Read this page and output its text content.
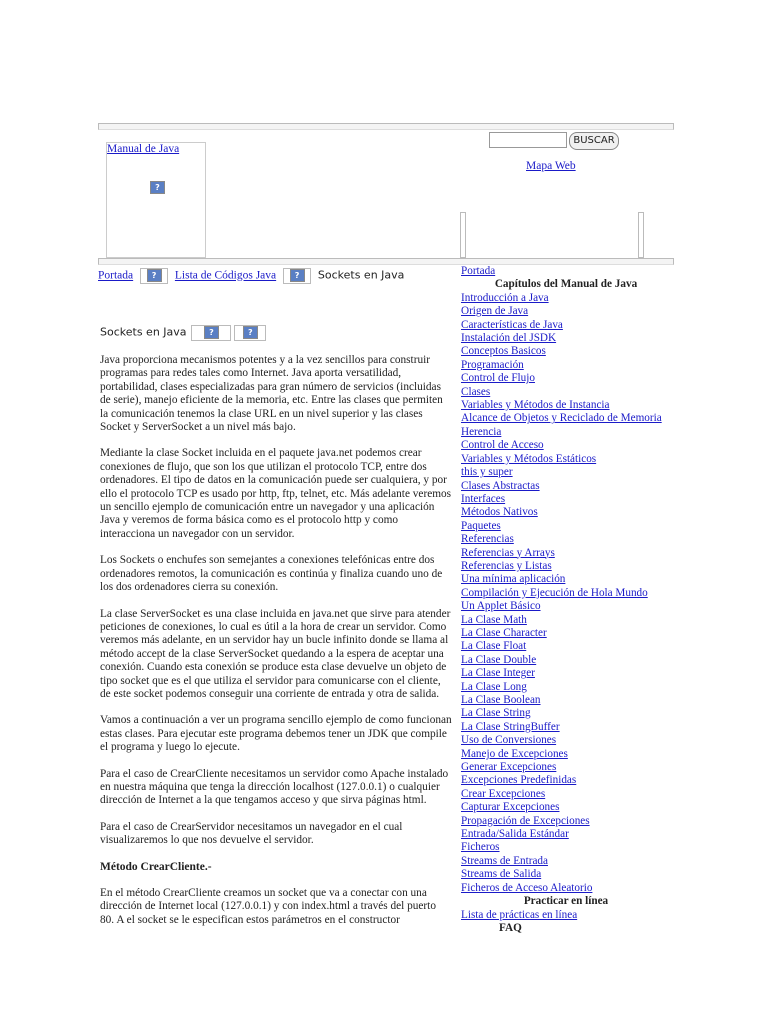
Manual de Java
?
BUSCAR
Mapa Web
Portada ? Lista de Códigos Java ? Sockets en Java
Sockets en Java	?	?

Java proporciona mecanismos potentes y a la vez sencillos para construir programas para redes tales como Internet. Java aporta versatilidad, portabilidad, clases especializadas para gran número de servicios (incluidas de serie), manejo eficiente de la memoria, etc. Entre las clases que permiten la comunicación tenemos la clase URL en un nivel superior y las clases Socket y ServerSocket a un nivel más bajo.

Mediante la clase Socket incluida en el paquete java.net podemos crear conexiones de flujo, que son los que utilizan el protocolo TCP, entre dos ordenadores. El tipo de datos en la comunicación puede ser cualquiera, y por ello el protocolo TCP es usado por http, ftp, telnet, etc. Más adelante veremos un sencillo ejemplo de comunicación entre un navegador y una aplicación Java y veremos de forma básica como es el protocolo http y como interacciona un navegador con un servidor.

Los Sockets o enchufes son semejantes a conexiones telefónicas entre dos ordenadores remotos, la comunicación es continúa y finaliza cuando uno de los dos ordenadores cierra su conexión.

La clase ServerSocket es una clase incluida en java.net que sirve para atender peticiones de conexiones, lo cual es útil a la hora de crear un servidor. Como veremos más adelante, en un servidor hay un bucle infinito donde se llama al método accept de la clase ServerSocket quedando a la espera de aceptar una conexión. Cuando esta conexión se produce esta clase devuelve un objeto de tipo socket que es el que utiliza el servidor para comunicarse con el cliente, de este socket podemos conseguir una corriente de entrada y otra de salida.

Vamos a continuación a ver un programa sencillo ejemplo de como funcionan estas clases. Para ejecutar este programa debemos tener un JDK que compile el programa y luego lo ejecute.

Para el caso de CrearCliente necesitamos un servidor como Apache instalado en nuestra máquina que tenga la dirección localhost (127.0.0.1) o cualquier dirección de Internet a la que tengamos acceso y que sirva páginas html.

Para el caso de CrearServidor necesitamos un navegador en el cual visualizaremos lo que nos devuelve el servidor.

Método CrearCliente.-

En el método CrearCliente creamos un socket que va a conectar con una dirección de Internet local (127.0.0.1) y con index.html a través del puerto 80. A el socket se le especifican estos parámetros en el constructor

Portada
Capítulos del Manual de Java
Introducción a Java
Origen de Java
Características de Java
Instalación del JSDK
Conceptos Basicos
Programación
Control de Flujo
Clases
Variables y Métodos de Instancia
Alcance de Objetos y Reciclado de Memoria
Herencia
Control de Acceso
Variables y Métodos Estáticos
this y super
Clases Abstractas
Interfaces
Métodos Nativos
Paquetes
Referencias
Referencias y Arrays
Referencias y Listas
Una mínima aplicación
Compilación y Ejecución de Hola Mundo
Un Applet Básico
La Clase Math
La Clase Character
La Clase Float
La Clase Double
La Clase Integer
La Clase Long
La Clase Boolean
La Clase String
La Clase StringBuffer
Uso de Conversiones
Manejo de Excepciones
Generar Excepciones
Excepciones Predefinidas
Crear Excepciones
Capturar Excepciones
Propagación de Excepciones
Entrada/Salida Estándar
Ficheros
Streams de Entrada
Streams de Salida
Ficheros de Acceso Aleatorio
Practicar en línea
Lista de prácticas en línea
FAQ
